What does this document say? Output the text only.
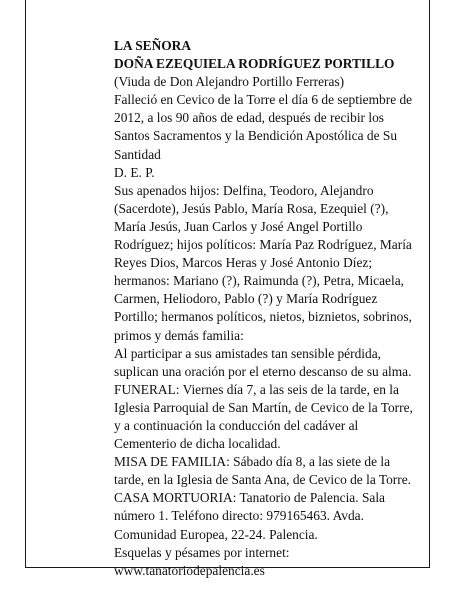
LA SEÑORA

DOÑA EZEQUIELA RODRÍGUEZ PORTILLO

(Viuda de Don Alejandro Portillo Ferreras)

Falleció en Cevico de la Torre el día 6 de septiembre de 2012, a los 90 años de edad, después de recibir los Santos Sacramentos y la Bendición Apostólica de Su Santidad

D. E. P.

Sus apenados hijos: Delfina, Teodoro, Alejandro (Sacerdote), Jesús Pablo, María Rosa, Ezequiel (?), María Jesús, Juan Carlos y José Angel Portillo Rodríguez; hijos políticos: María Paz Rodríguez, María Reyes Dios, Marcos Heras y José Antonio Díez; hermanos: Mariano (?), Raimunda (?), Petra, Micaela, Carmen, Heliodoro, Pablo (?) y María Rodríguez Portillo; hermanos políticos, nietos, biznietos, sobrinos, primos y demás familia:

Al participar a sus amistades tan sensible pérdida, suplican una oración por el eterno descanso de su alma.

FUNERAL: Viernes día 7, a las seis de la tarde, en la Iglesia Parroquial de San Martín, de Cevico de la Torre, y a continuación la conducción del cadáver al Cementerio de dicha localidad.

MISA DE FAMILIA: Sábado día 8, a las siete de la tarde, en la Iglesia de Santa Ana, de Cevico de la Torre.

CASA MORTUORIA: Tanatorio de Palencia. Sala número 1. Teléfono directo: 979165463. Avda. Comunidad Europea, 22-24. Palencia.

Esquelas y pésames por internet:

www.tanatoriodepalencia.es
